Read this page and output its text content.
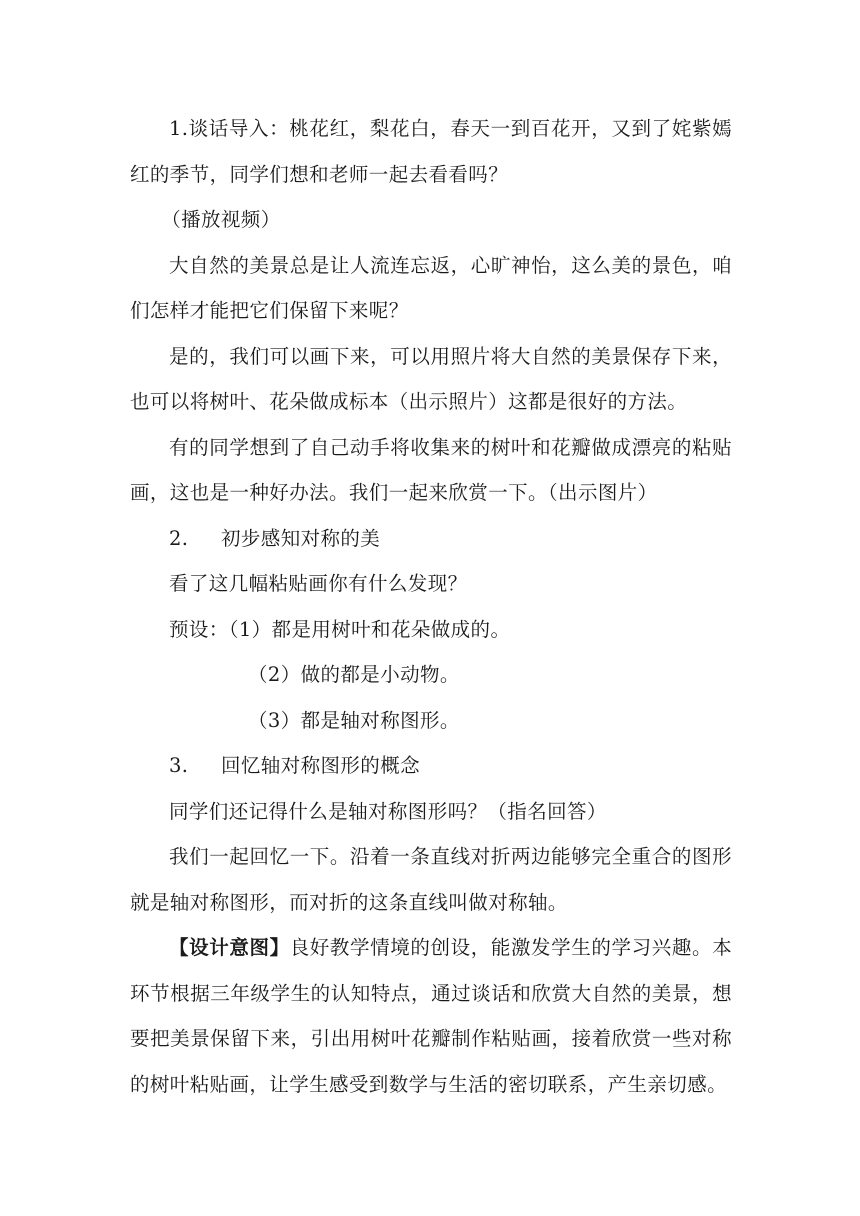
1.谈话导入：桃花红，梨花白，春天一到百花开，又到了姹紫嫣红的季节，同学们想和老师一起去看看吗？

（播放视频）

大自然的美景总是让人流连忘返，心旷神怡，这么美的景色，咱们怎样才能把它们保留下来呢？

是的，我们可以画下来，可以用照片将大自然的美景保存下来，也可以将树叶、花朵做成标本（出示照片）这都是很好的方法。

有的同学想到了自己动手将收集来的树叶和花瓣做成漂亮的粘贴画，这也是一种好办法。我们一起来欣赏一下。（出示图片）

2. 初步感知对称的美

看了这几幅粘贴画你有什么发现？

预设：（1）都是用树叶和花朵做成的。

（2）做的都是小动物。

（3）都是轴对称图形。

3. 回忆轴对称图形的概念

同学们还记得什么是轴对称图形吗？（指名回答）

我们一起回忆一下。沿着一条直线对折两边能够完全重合的图形就是轴对称图形，而对折的这条直线叫做对称轴。

【设计意图】良好教学情境的创设，能激发学生的学习兴趣。本环节根据三年级学生的认知特点，通过谈话和欣赏大自然的美景，想要把美景保留下来，引出用树叶花瓣制作粘贴画，接着欣赏一些对称的树叶粘贴画，让学生感受到数学与生活的密切联系，产生亲切感。
